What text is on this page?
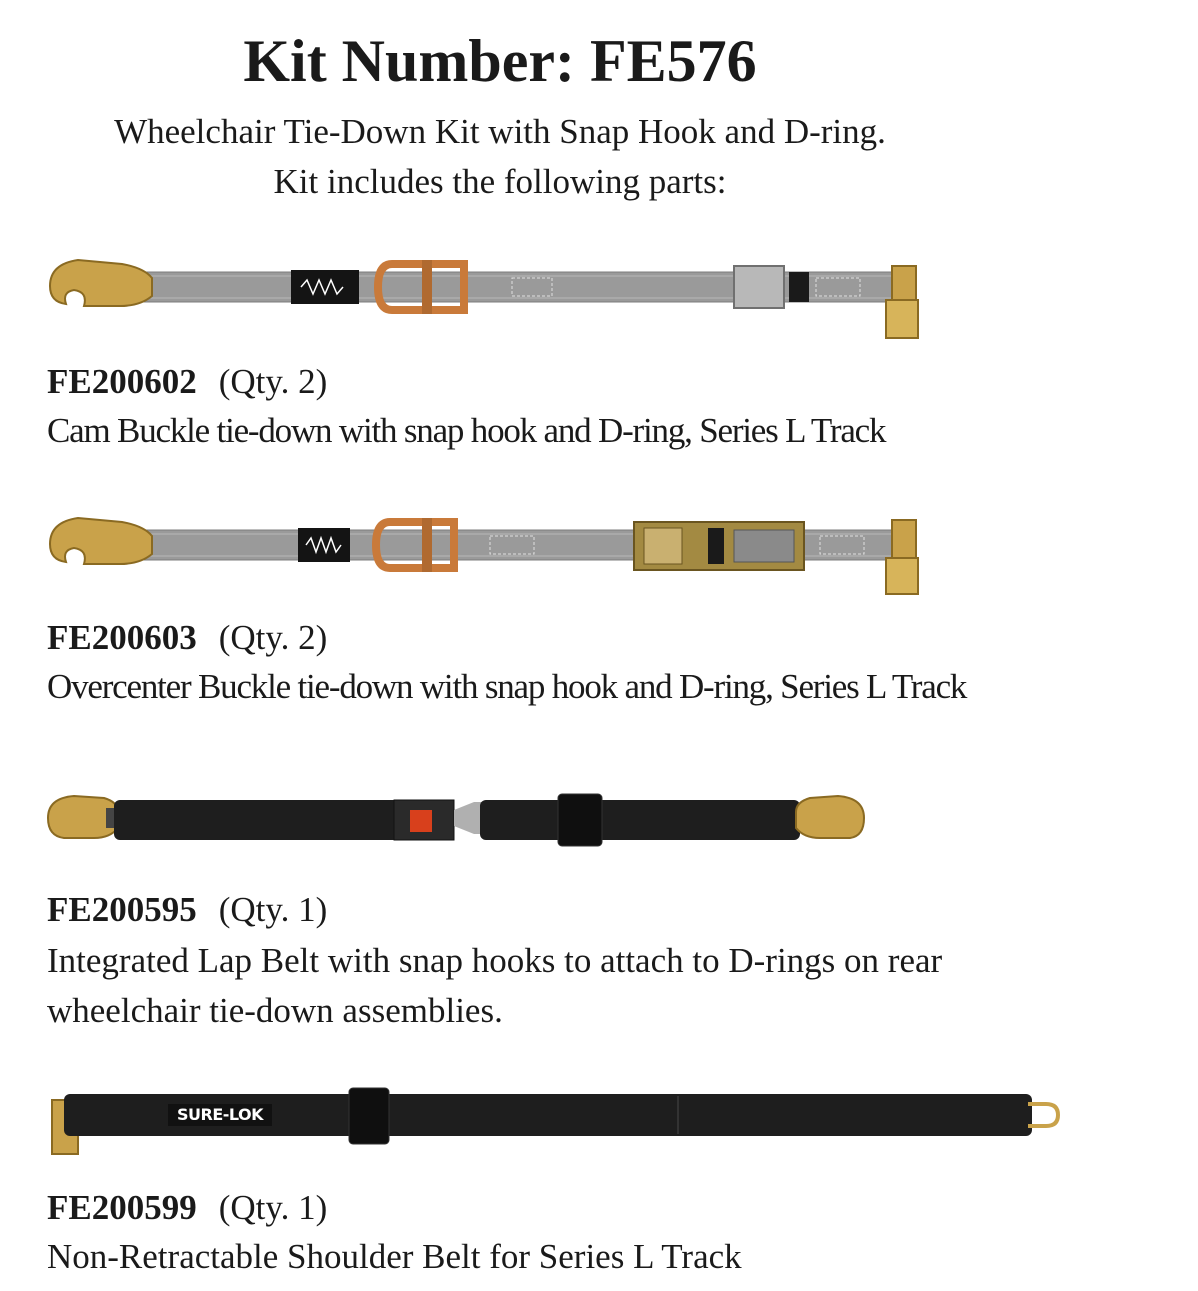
Kit Number: FE576

Wheelchair Tie-Down Kit with Snap Hook and D-ring.

Kit includes the following parts:

FE200602 (Qty. 2)
Cam Buckle tie-down with snap hook and D-ring, Series L Track
FE200603 (Qty. 2)
Overcenter Buckle tie-down with snap hook and D-ring, Series L Track
FE200595 (Qty. 1)
Integrated Lap Belt with snap hooks to attach to D-rings on rear
wheelchair tie-down assemblies.
SURE-LOK
FE200599 (Qty. 1)
Non-Retractable Shoulder Belt for Series L Track
